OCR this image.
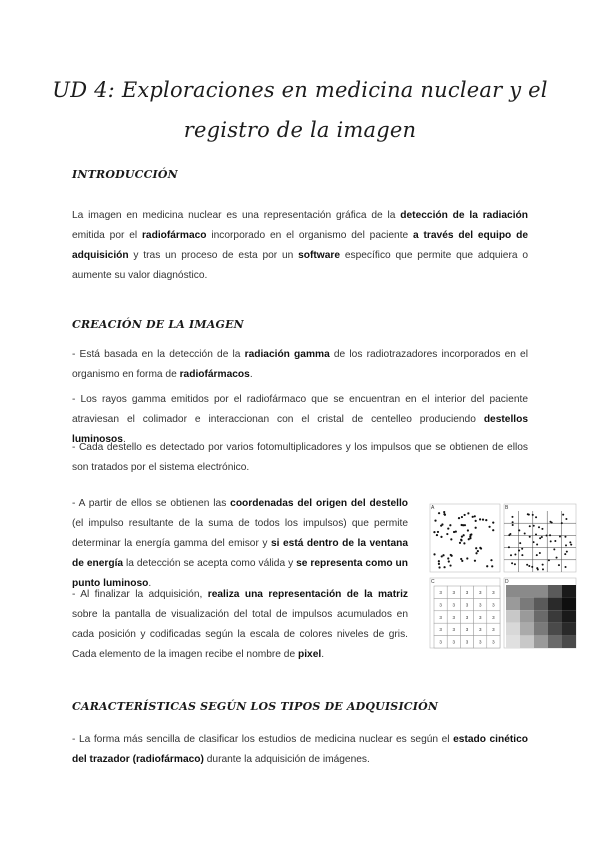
UD 4: Exploraciones en medicina nuclear y el
registro de la imagen
INTRODUCCIÓN
La imagen en medicina nuclear es una representación gráfica de la detección de la radiación emitida por el radiofármaco incorporado en el organismo del paciente a través del equipo de adquisición y tras un proceso de esta por un software específico que permite que adquiera o aumente su valor diagnóstico.
CREACIÓN DE LA IMAGEN
- Está basada en la detección de la radiación gamma de los radiotrazadores incorporados en el organismo en forma de radiofármacos.
- Los rayos gamma emitidos por el radiofármaco que se encuentran en el interior del paciente atraviesan el colimador e interaccionan con el cristal de centelleo produciendo destellos luminosos.
- Cada destello es detectado por varios fotomultiplicadores y los impulsos que se obtienen de ellos son tratados por el sistema electrónico.
- A partir de ellos se obtienen las coordenadas del origen del destello (el impulso resultante de la suma de todos los impulsos) que permite determinar la energía gamma del emisor y si está dentro de la ventana de energía la detección se acepta como válida y se representa como un punto luminoso.
- Al finalizar la adquisición, realiza una representación de la matriz sobre la pantalla de visualización del total de impulsos acumulados en cada posición y codificadas según la escala de colores niveles de gris. Cada elemento de la imagen recibe el nombre de pixel.
A	B
C
3 3 3 3 3
3 3 3 3 3
3 3 3 3 3
3 3 3 3 3
3 3 3 3 3
D
CARACTERÍSTICAS SEGÚN LOS TIPOS DE ADQUISICIÓN
- La forma más sencilla de clasificar los estudios de medicina nuclear es según el estado cinético del trazador (radiofármaco) durante la adquisición de imágenes.
